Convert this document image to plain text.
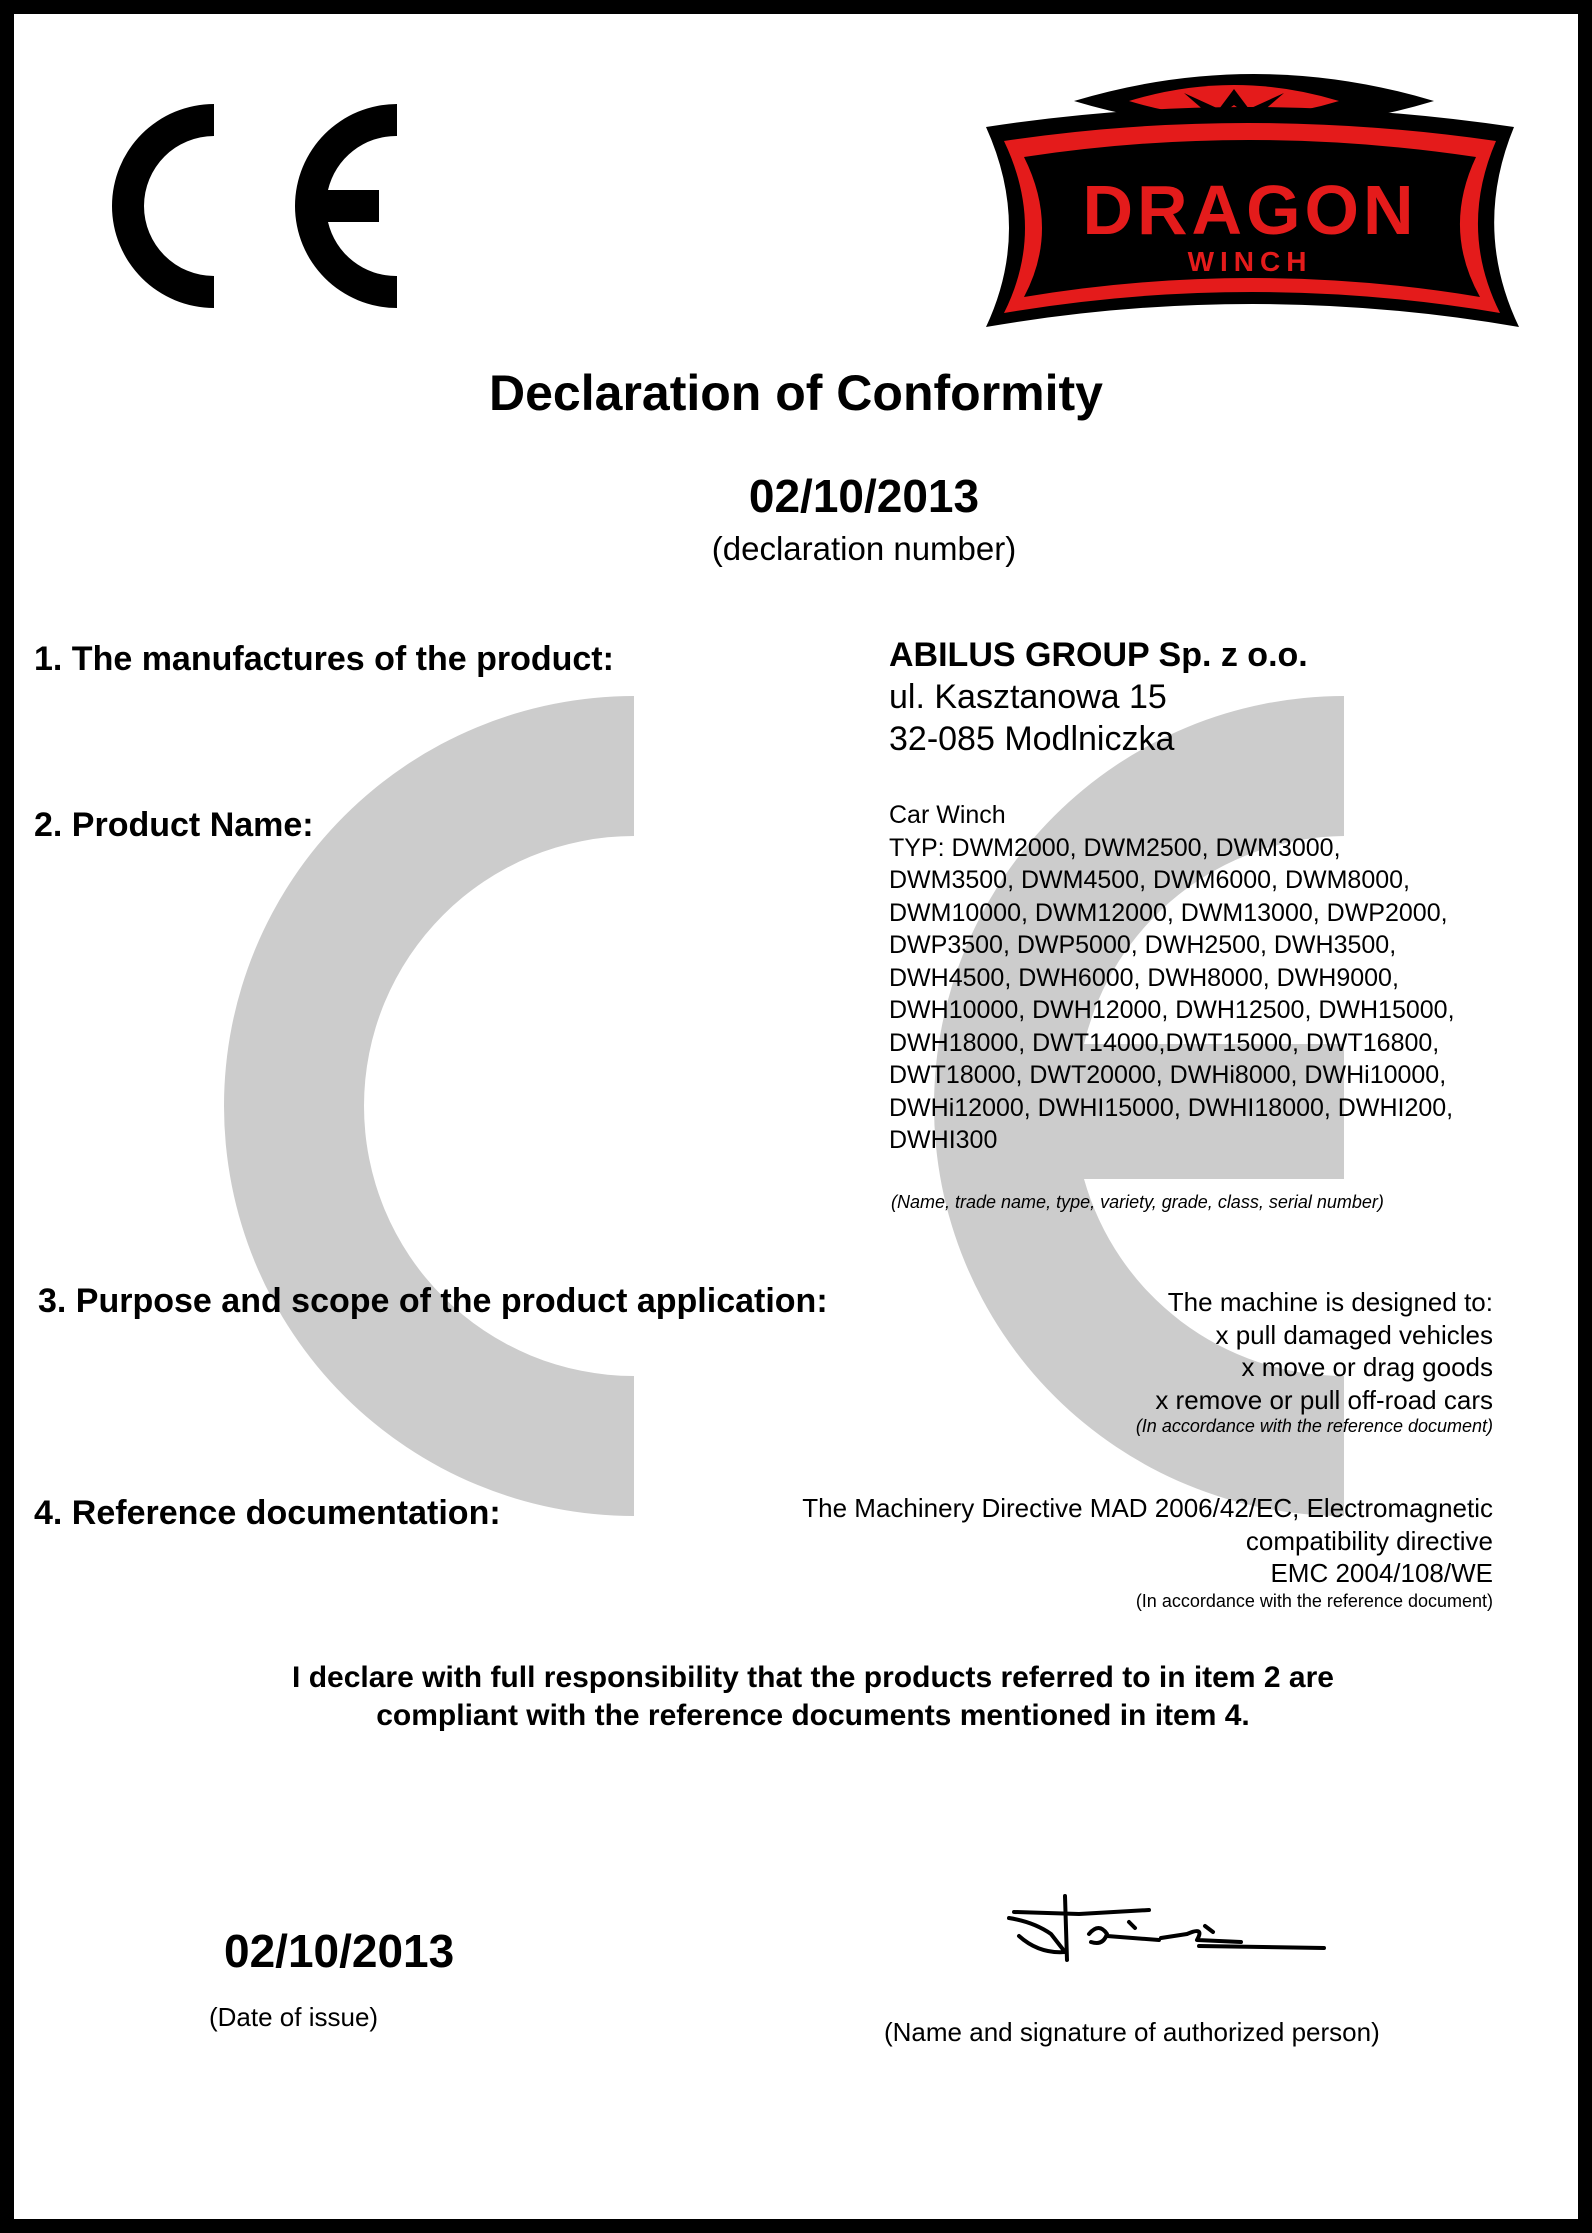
DRAGON
WINCH
Declaration of Conformity
02/10/2013
(declaration number)
1. The manufactures of the product:	ABILUS GROUP Sp. z o.o.
ul. Kasztanowa 15
32-085 Modlniczka
2. Product Name:	Car Winch
TYP: DWM2000, DWM2500, DWM3000,
DWM3500, DWM4500, DWM6000, DWM8000,
DWM10000, DWM12000, DWM13000, DWP2000,
DWP3500, DWP5000, DWH2500, DWH3500,
DWH4500, DWH6000, DWH8000, DWH9000,
DWH10000, DWH12000, DWH12500, DWH15000,
DWH18000, DWT14000,DWT15000, DWT16800,
DWT18000, DWT20000, DWHi8000, DWHi10000,
DWHi12000, DWHI15000, DWHI18000, DWHI200,
DWHI300
(Name, trade name, type, variety, grade, class, serial number)
3. Purpose and scope of the product application:	The machine is designed to:
x pull damaged vehicles
x move or drag goods
x remove or pull off-road cars
(In accordance with the reference document)
4. Reference documentation:	The Machinery Directive MAD 2006/42/EC, Electromagnetic
compatibility directive
EMC 2004/108/WE
(In accordance with the reference document)
I declare with full responsibility that the products referred to in item 2 are
compliant with the reference documents mentioned in item 4.
02/10/2013
(Date of issue)	(Name and signature of authorized person)
